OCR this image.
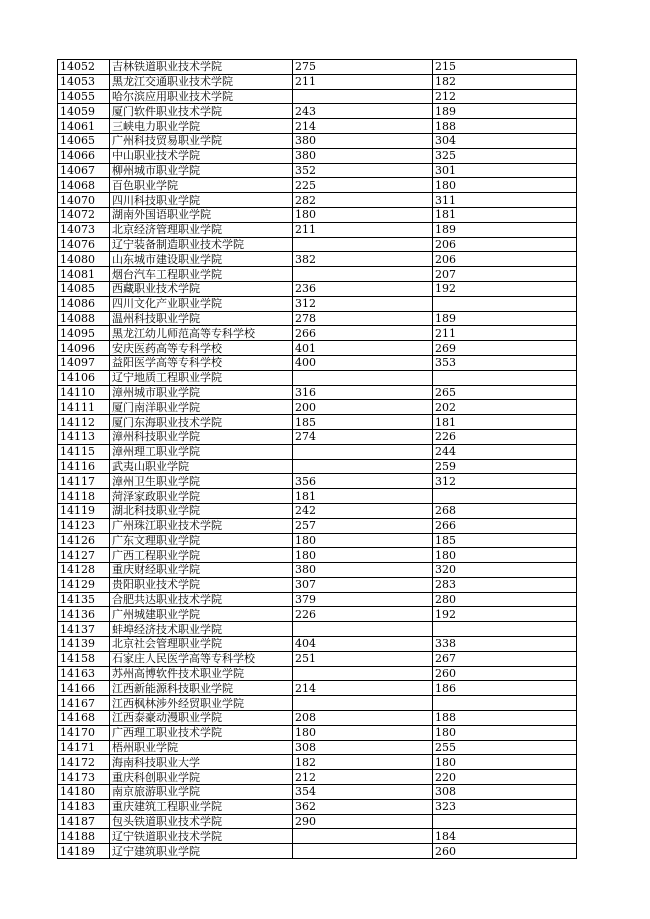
14052	吉林铁道职业技术学院	275	215
14053	黑龙江交通职业技术学院	211	182
14055	哈尔滨应用职业技术学院		212
14059	厦门软件职业技术学院	243	189
14061	三峡电力职业学院	214	188
14065	广州科技贸易职业学院	380	304
14066	中山职业技术学院	380	325
14067	柳州城市职业学院	352	301
14068	百色职业学院	225	180
14070	四川科技职业学院	282	311
14072	湖南外国语职业学院	180	181
14073	北京经济管理职业学院	211	189
14076	辽宁装备制造职业技术学院		206
14080	山东城市建设职业学院	382	206
14081	烟台汽车工程职业学院		207
14085	西藏职业技术学院	236	192
14086	四川文化产业职业学院	312	
14088	温州科技职业学院	278	189
14095	黑龙江幼儿师范高等专科学校	266	211
14096	安庆医药高等专科学校	401	269
14097	益阳医学高等专科学校	400	353
14106	辽宁地质工程职业学院		
14110	漳州城市职业学院	316	265
14111	厦门南洋职业学院	200	202
14112	厦门东海职业技术学院	185	181
14113	漳州科技职业学院	274	226
14115	漳州理工职业学院		244
14116	武夷山职业学院		259
14117	漳州卫生职业学院	356	312
14118	菏泽家政职业学院	181	
14119	湖北科技职业学院	242	268
14123	广州珠江职业技术学院	257	266
14126	广东文理职业学院	180	185
14127	广西工程职业学院	180	180
14128	重庆财经职业学院	380	320
14129	贵阳职业技术学院	307	283
14135	合肥共达职业技术学院	379	280
14136	广州城建职业学院	226	192
14137	蚌埠经济技术职业学院		
14139	北京社会管理职业学院	404	338
14158	石家庄人民医学高等专科学校	251	267
14163	苏州高博软件技术职业学院		260
14166	江西新能源科技职业学院	214	186
14167	江西枫林涉外经贸职业学院		
14168	江西泰豪动漫职业学院	208	188
14170	广西理工职业技术学院	180	180
14171	梧州职业学院	308	255
14172	海南科技职业大学	182	180
14173	重庆科创职业学院	212	220
14180	南京旅游职业学院	354	308
14183	重庆建筑工程职业学院	362	323
14187	包头铁道职业技术学院	290	
14188	辽宁铁道职业技术学院		184
14189	辽宁建筑职业学院		260
